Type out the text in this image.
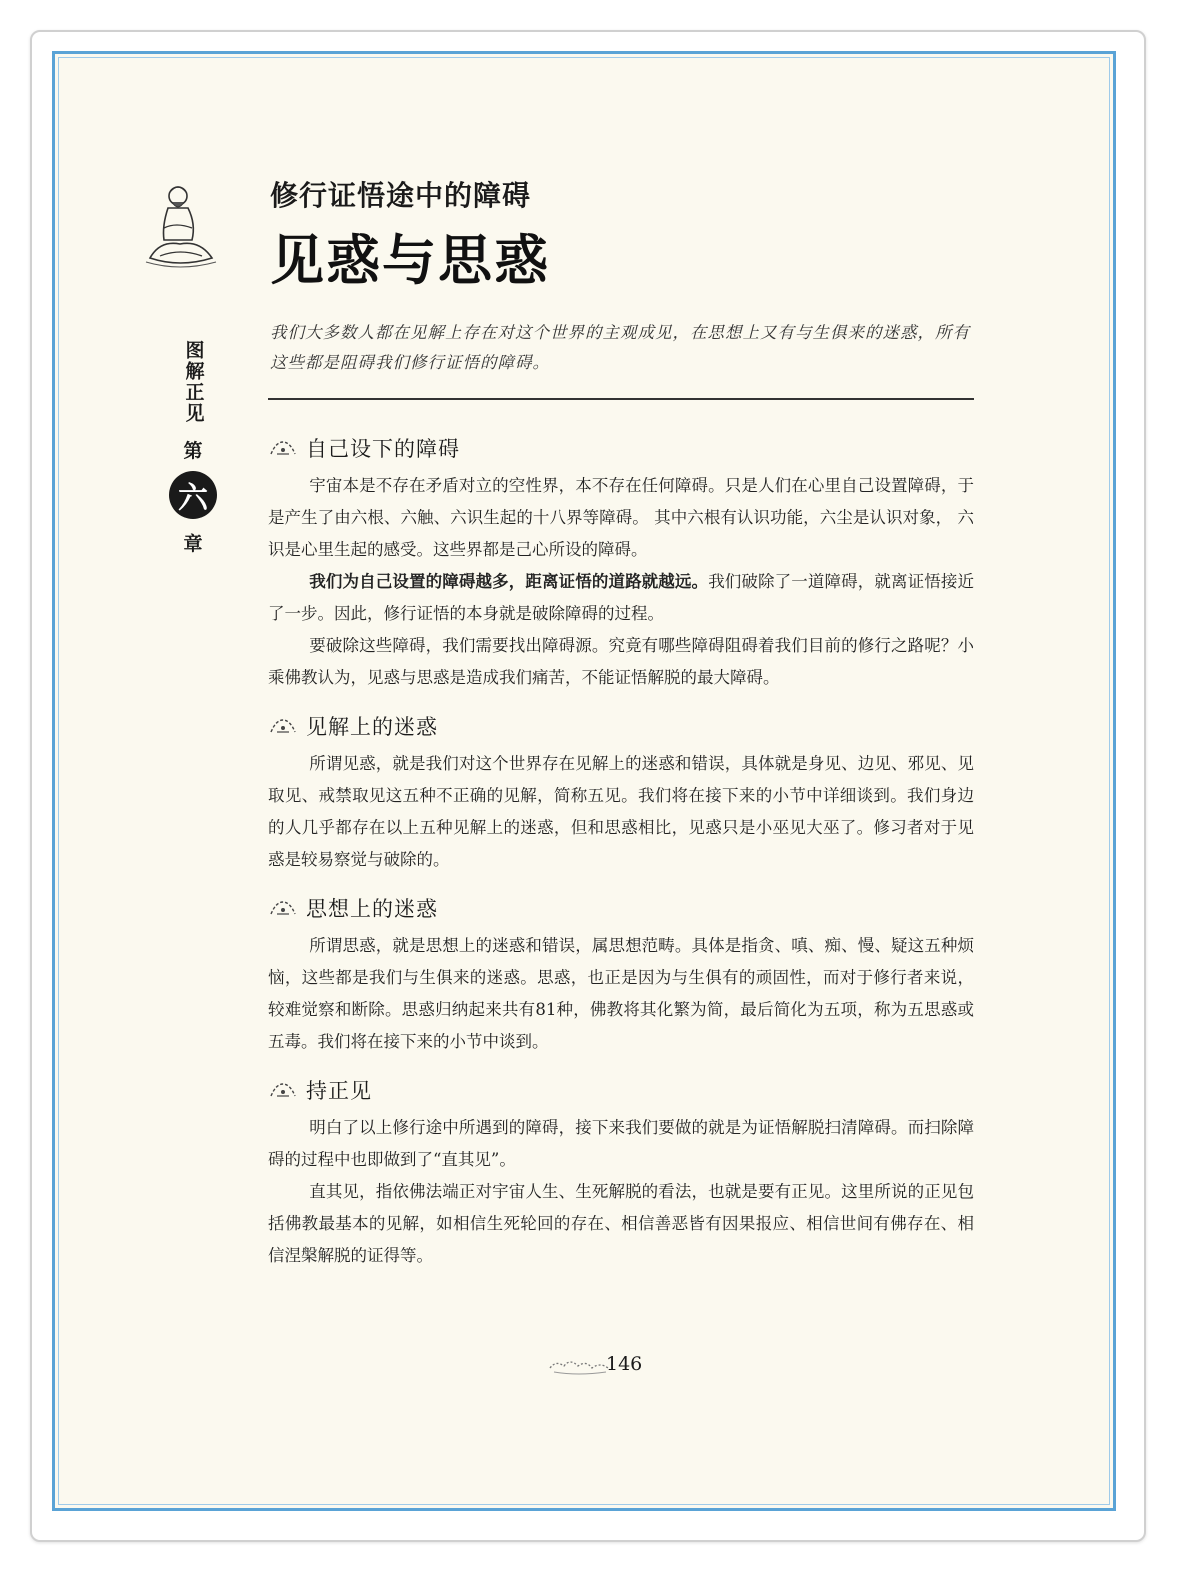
图解正见
第
六
章
修行证悟途中的障碍
见惑与思惑
我们大多数人都在见解上存在对这个世界的主观成见，在思想上又有与生俱来的迷惑，所有这些都是阻碍我们修行证悟的障碍。
自己设下的障碍

宇宙本是不存在矛盾对立的空性界，本不存在任何障碍。只是人们在心里自己设置障碍，于是产生了由六根、六触、六识生起的十八界等障碍。 其中六根有认识功能，六尘是认识对象， 六识是心里生起的感受。这些界都是己心所设的障碍。

我们为自己设置的障碍越多，距离证悟的道路就越远。我们破除了一道障碍，就离证悟接近了一步。因此，修行证悟的本身就是破除障碍的过程。

要破除这些障碍，我们需要找出障碍源。究竟有哪些障碍阻碍着我们目前的修行之路呢？小乘佛教认为，见惑与思惑是造成我们痛苦，不能证悟解脱的最大障碍。

见解上的迷惑

所谓见惑，就是我们对这个世界存在见解上的迷惑和错误，具体就是身见、边见、邪见、见取见、戒禁取见这五种不正确的见解，简称五见。我们将在接下来的小节中详细谈到。我们身边的人几乎都存在以上五种见解上的迷惑，但和思惑相比，见惑只是小巫见大巫了。修习者对于见惑是较易察觉与破除的。

思想上的迷惑

所谓思惑，就是思想上的迷惑和错误，属思想范畴。具体是指贪、嗔、痴、慢、疑这五种烦恼，这些都是我们与生俱来的迷惑。思惑，也正是因为与生俱有的顽固性，而对于修行者来说，较难觉察和断除。思惑归纳起来共有81种，佛教将其化繁为简，最后简化为五项，称为五思惑或五毒。我们将在接下来的小节中谈到。

持正见

明白了以上修行途中所遇到的障碍，接下来我们要做的就是为证悟解脱扫清障碍。而扫除障碍的过程中也即做到了“直其见”。

直其见，指依佛法端正对宇宙人生、生死解脱的看法，也就是要有正见。这里所说的正见包括佛教最基本的见解，如相信生死轮回的存在、相信善恶皆有因果报应、相信世间有佛存在、相信涅槃解脱的证得等。

146
